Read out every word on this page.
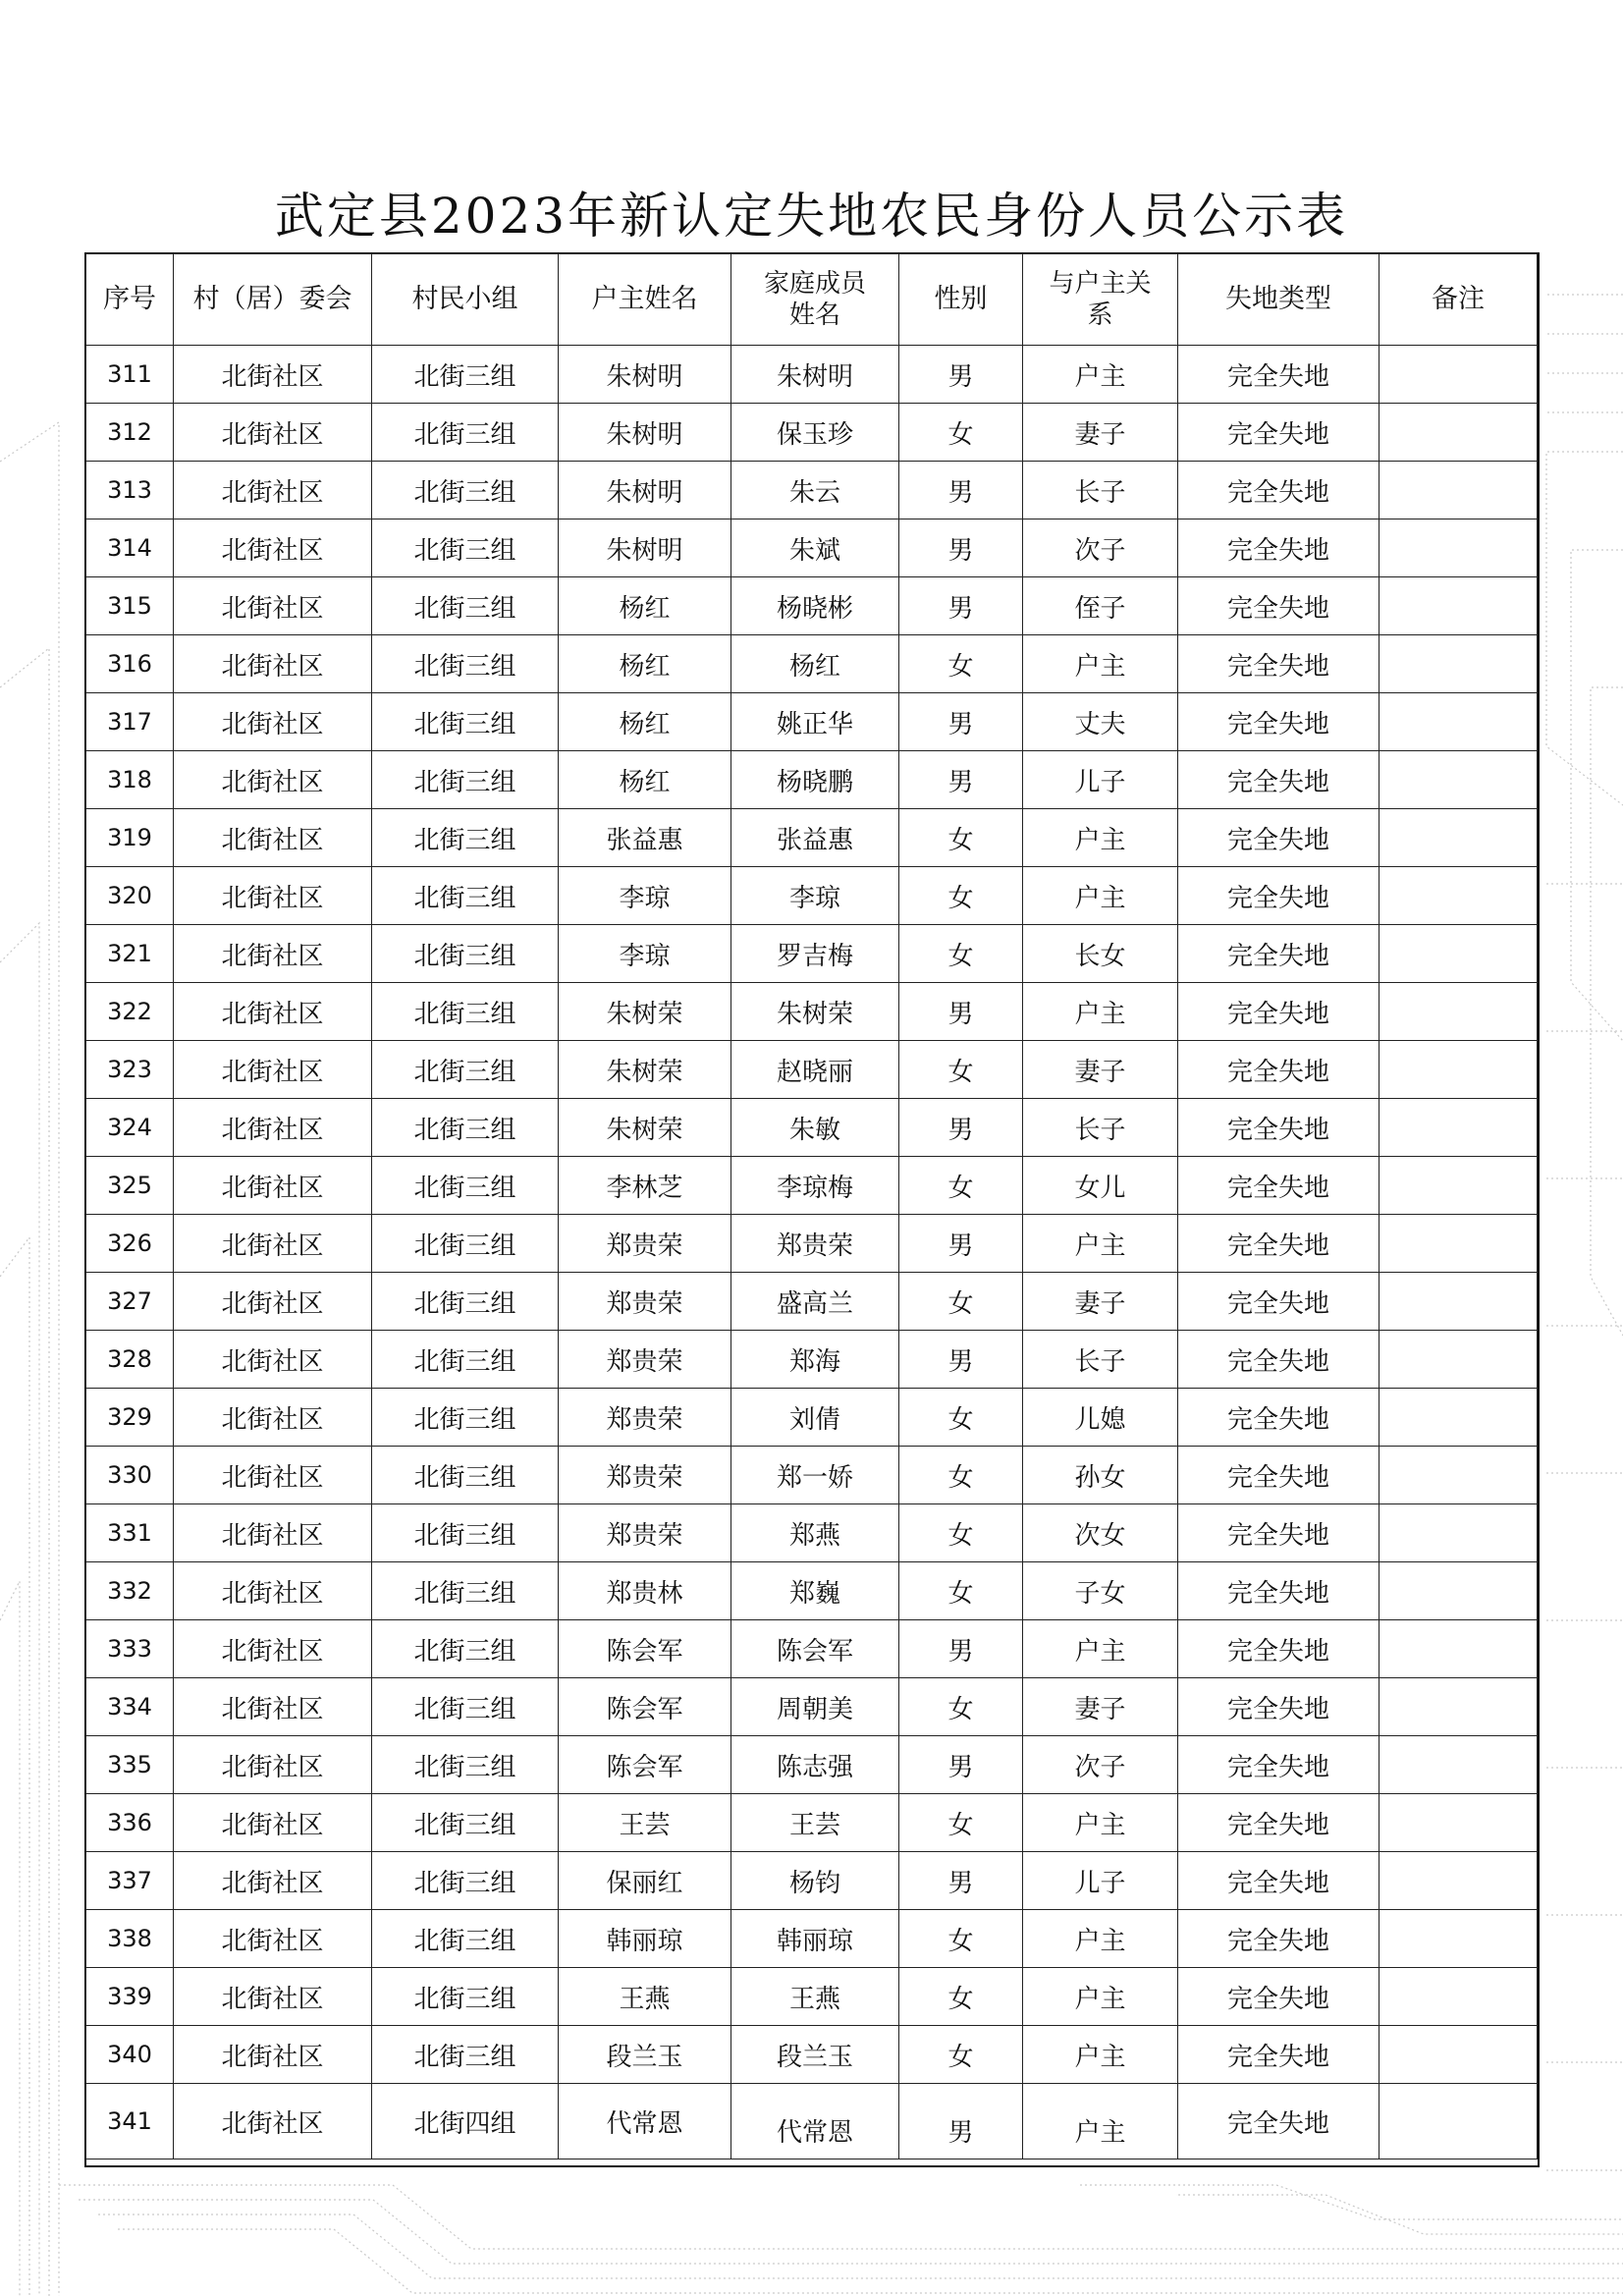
武定县2023年新认定失地农民身份人员公示表
序号	村（居）委会	村民小组	户主姓名	家庭成员姓名	性别	与户主关系	失地类型	备注
311	北街社区	北街三组	朱树明	朱树明	男	户主	完全失地	
312	北街社区	北街三组	朱树明	保玉珍	女	妻子	完全失地	
313	北街社区	北街三组	朱树明	朱云	男	长子	完全失地	
314	北街社区	北街三组	朱树明	朱斌	男	次子	完全失地	
315	北街社区	北街三组	杨红	杨晓彬	男	侄子	完全失地	
316	北街社区	北街三组	杨红	杨红	女	户主	完全失地	
317	北街社区	北街三组	杨红	姚正华	男	丈夫	完全失地	
318	北街社区	北街三组	杨红	杨晓鹏	男	儿子	完全失地	
319	北街社区	北街三组	张益惠	张益惠	女	户主	完全失地	
320	北街社区	北街三组	李琼	李琼	女	户主	完全失地	
321	北街社区	北街三组	李琼	罗吉梅	女	长女	完全失地	
322	北街社区	北街三组	朱树荣	朱树荣	男	户主	完全失地	
323	北街社区	北街三组	朱树荣	赵晓丽	女	妻子	完全失地	
324	北街社区	北街三组	朱树荣	朱敏	男	长子	完全失地	
325	北街社区	北街三组	李林芝	李琼梅	女	女儿	完全失地	
326	北街社区	北街三组	郑贵荣	郑贵荣	男	户主	完全失地	
327	北街社区	北街三组	郑贵荣	盛高兰	女	妻子	完全失地	
328	北街社区	北街三组	郑贵荣	郑海	男	长子	完全失地	
329	北街社区	北街三组	郑贵荣	刘倩	女	儿媳	完全失地	
330	北街社区	北街三组	郑贵荣	郑一娇	女	孙女	完全失地	
331	北街社区	北街三组	郑贵荣	郑燕	女	次女	完全失地	
332	北街社区	北街三组	郑贵林	郑巍	女	子女	完全失地	
333	北街社区	北街三组	陈会军	陈会军	男	户主	完全失地	
334	北街社区	北街三组	陈会军	周朝美	女	妻子	完全失地	
335	北街社区	北街三组	陈会军	陈志强	男	次子	完全失地	
336	北街社区	北街三组	王芸	王芸	女	户主	完全失地	
337	北街社区	北街三组	保丽红	杨钧	男	儿子	完全失地	
338	北街社区	北街三组	韩丽琼	韩丽琼	女	户主	完全失地	
339	北街社区	北街三组	王燕	王燕	女	户主	完全失地	
340	北街社区	北街三组	段兰玉	段兰玉	女	户主	完全失地	
341	北街社区	北街四组	代常恩	代常恩	男	户主	完全失地	
